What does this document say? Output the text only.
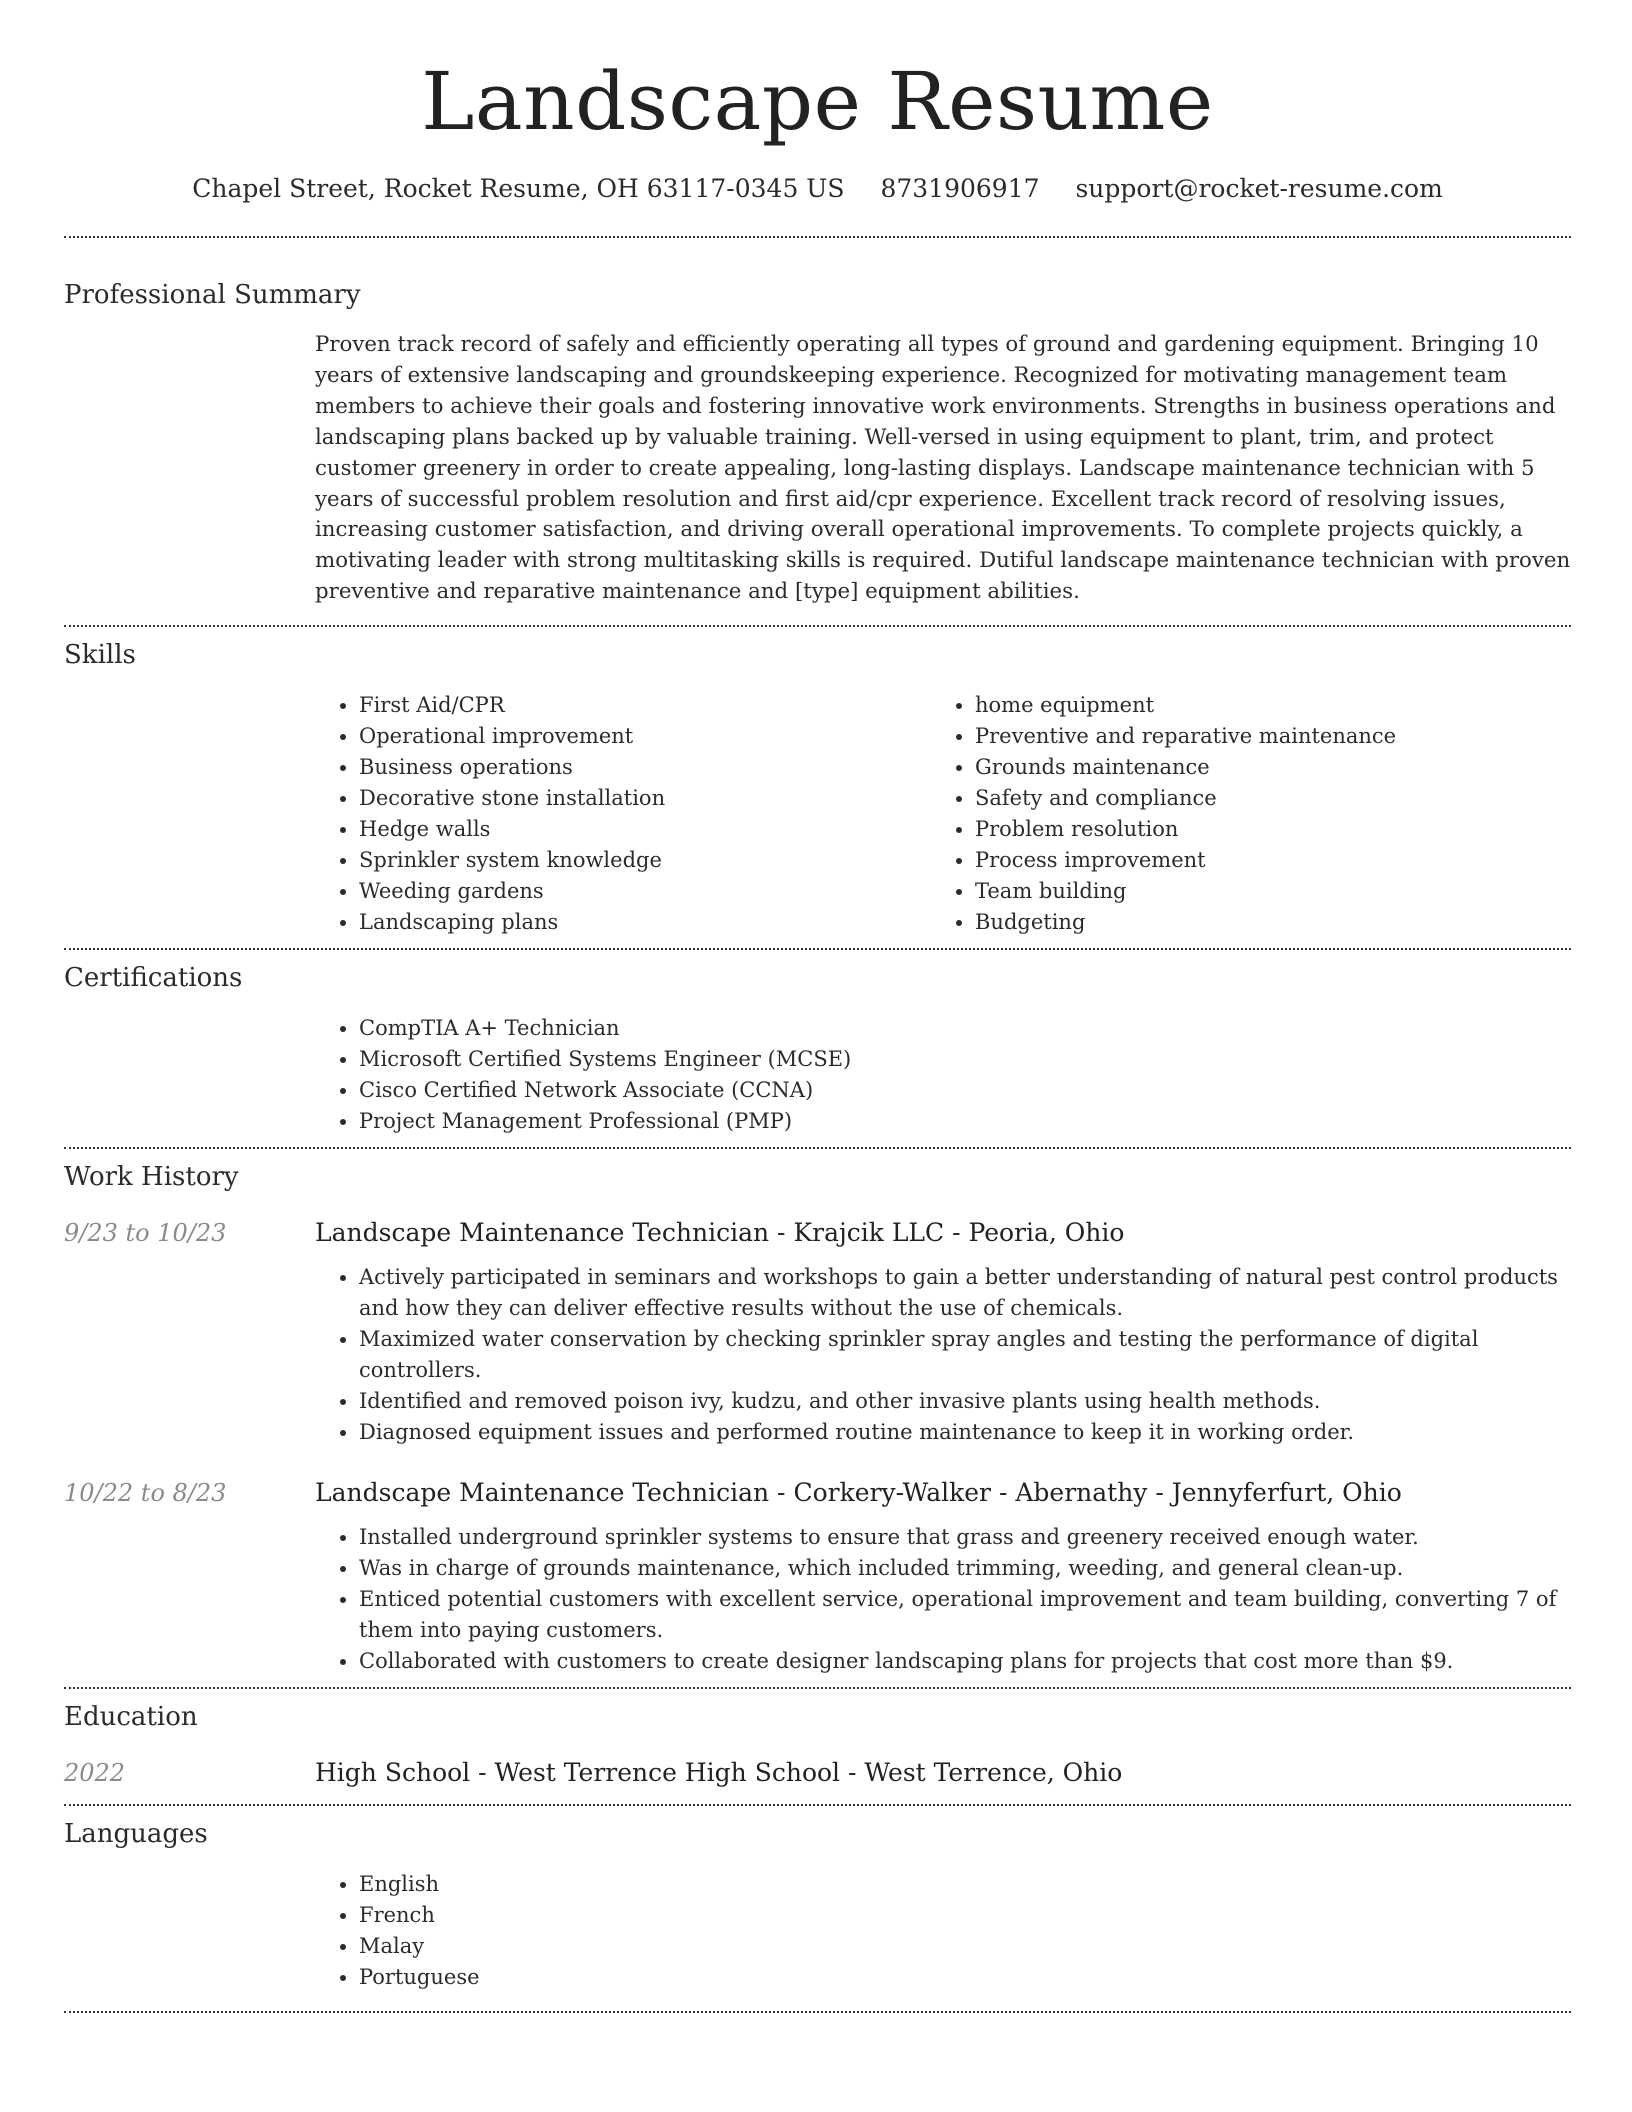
Landscape Resume
Chapel Street, Rocket Resume, OH 63117-0345 US 8731906917 support@rocket-resume.com
Professional Summary
Proven track record of safely and efficiently operating all types of ground and gardening equipment. Bringing 10 years of extensive landscaping and groundskeeping experience. Recognized for motivating management team members to achieve their goals and fostering innovative work environments. Strengths in business operations and landscaping plans backed up by valuable training. Well-versed in using equipment to plant, trim, and protect customer greenery in order to create appealing, long-lasting displays. Landscape maintenance technician with 5 years of successful problem resolution and first aid/cpr experience. Excellent track record of resolving issues, increasing customer satisfaction, and driving overall operational improvements. To complete projects quickly, a motivating leader with strong multitasking skills is required. Dutiful landscape maintenance technician with proven preventive and reparative maintenance and [type] equipment abilities.
Skills
• First Aid/CPR
• Operational improvement
• Business operations
• Decorative stone installation
• Hedge walls
• Sprinkler system knowledge
• Weeding gardens
• Landscaping plans
• home equipment
• Preventive and reparative maintenance
• Grounds maintenance
• Safety and compliance
• Problem resolution
• Process improvement
• Team building
• Budgeting
Certifications
• CompTIA A+ Technician
• Microsoft Certified Systems Engineer (MCSE)
• Cisco Certified Network Associate (CCNA)
• Project Management Professional (PMP)
Work History
9/23 to 10/23	Landscape Maintenance Technician - Krajcik LLC - Peoria, Ohio
• Actively participated in seminars and workshops to gain a better understanding of natural pest control products and how they can deliver effective results without the use of chemicals.
• Maximized water conservation by checking sprinkler spray angles and testing the performance of digital controllers.
• Identified and removed poison ivy, kudzu, and other invasive plants using health methods.
• Diagnosed equipment issues and performed routine maintenance to keep it in working order.
10/22 to 8/23	Landscape Maintenance Technician - Corkery-Walker - Abernathy - Jennyferfurt, Ohio
• Installed underground sprinkler systems to ensure that grass and greenery received enough water.
• Was in charge of grounds maintenance, which included trimming, weeding, and general clean-up.
• Enticed potential customers with excellent service, operational improvement and team building, converting 7 of them into paying customers.
• Collaborated with customers to create designer landscaping plans for projects that cost more than $9.
Education
2022	High School - West Terrence High School - West Terrence, Ohio
Languages
• English
• French
• Malay
• Portuguese
